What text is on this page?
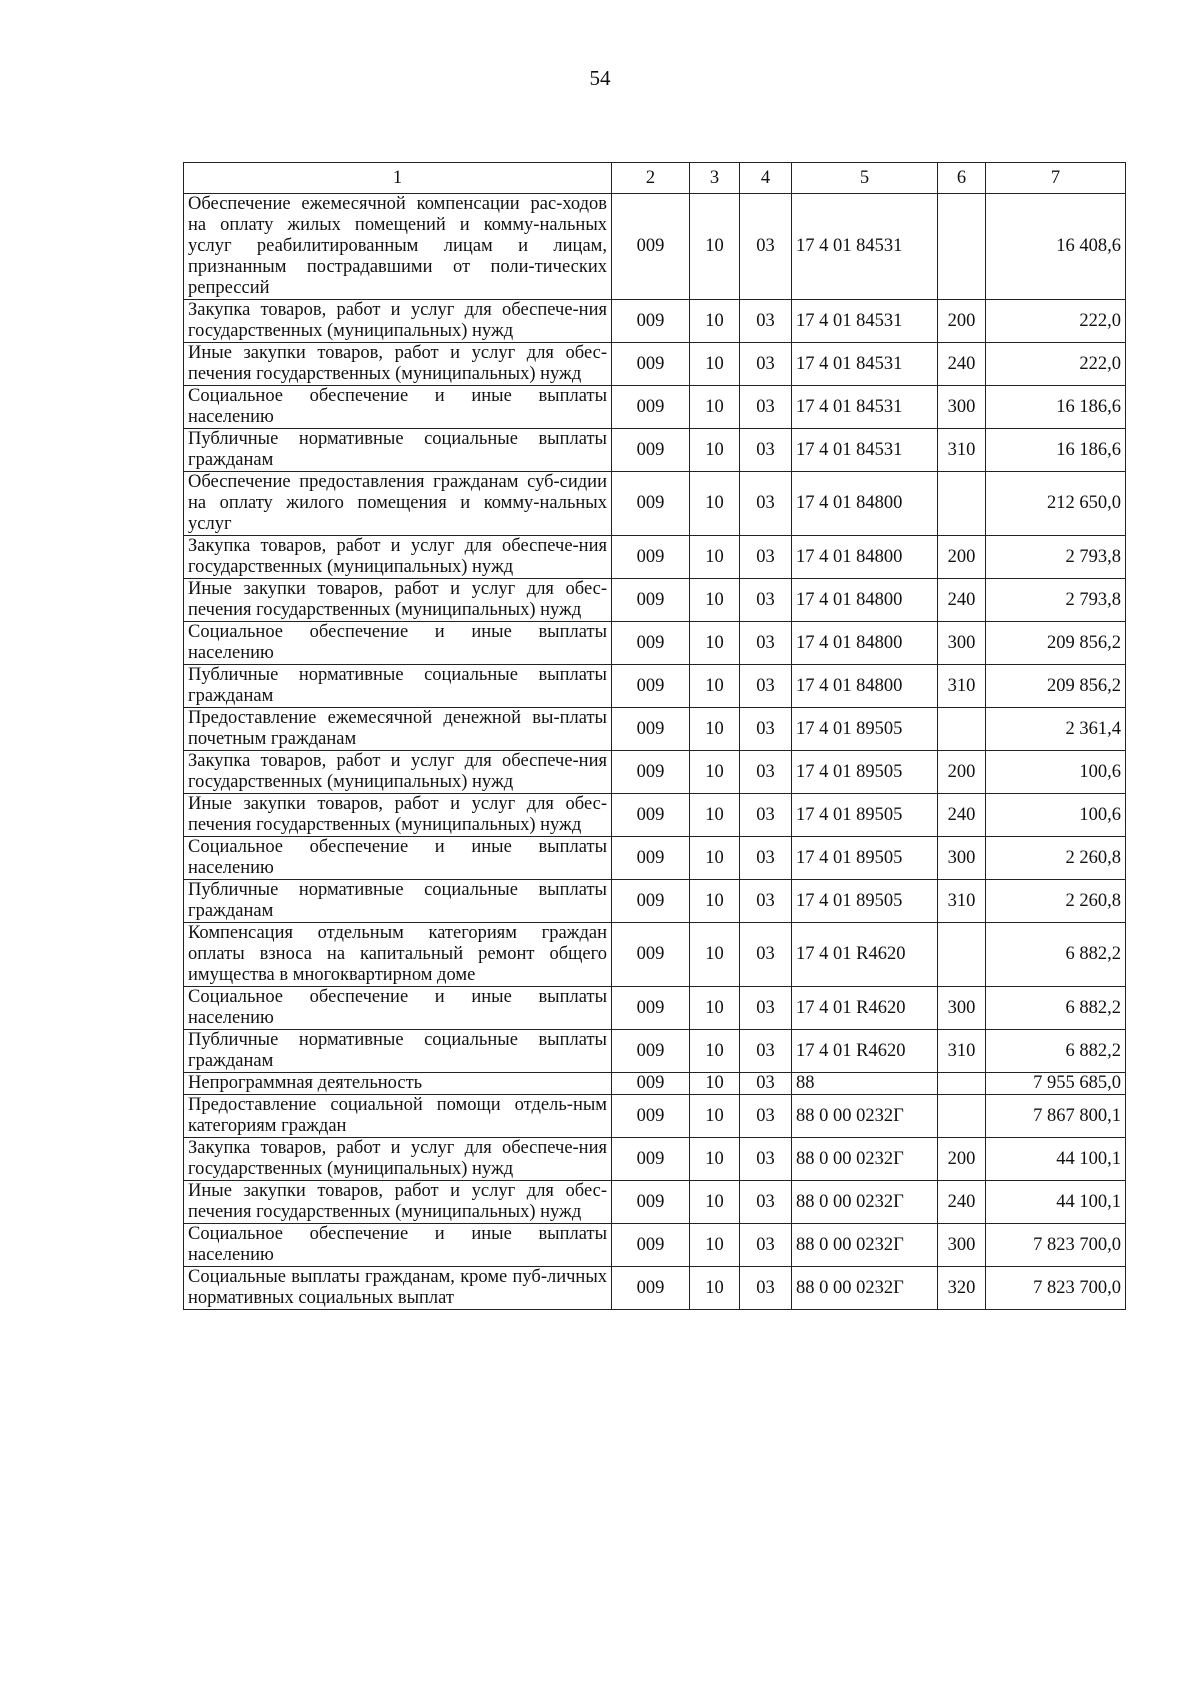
54
1	2	3	4	5	6	7
Обеспечение ежемесячной компенсации рас-ходов на оплату жилых помещений и комму-нальных услуг реабилитированным лицам и лицам, признанным пострадавшими от поли-тических репрессий	009	10	03	17 4 01 84531		16 408,6
Закупка товаров, работ и услуг для обеспече-ния государственных (муниципальных) нужд	009	10	03	17 4 01 84531	200	222,0
Иные закупки товаров, работ и услуг для обес-печения государственных (муниципальных) нужд	009	10	03	17 4 01 84531	240	222,0
Социальное обеспечение и иные выплаты населению	009	10	03	17 4 01 84531	300	16 186,6
Публичные нормативные социальные выплаты гражданам	009	10	03	17 4 01 84531	310	16 186,6
Обеспечение предоставления гражданам суб-сидии на оплату жилого помещения и комму-нальных услуг	009	10	03	17 4 01 84800		212 650,0
Закупка товаров, работ и услуг для обеспече-ния государственных (муниципальных) нужд	009	10	03	17 4 01 84800	200	2 793,8
Иные закупки товаров, работ и услуг для обес-печения государственных (муниципальных) нужд	009	10	03	17 4 01 84800	240	2 793,8
Социальное обеспечение и иные выплаты населению	009	10	03	17 4 01 84800	300	209 856,2
Публичные нормативные социальные выплаты гражданам	009	10	03	17 4 01 84800	310	209 856,2
Предоставление ежемесячной денежной вы-платы почетным гражданам	009	10	03	17 4 01 89505		2 361,4
Закупка товаров, работ и услуг для обеспече-ния государственных (муниципальных) нужд	009	10	03	17 4 01 89505	200	100,6
Иные закупки товаров, работ и услуг для обес-печения государственных (муниципальных) нужд	009	10	03	17 4 01 89505	240	100,6
Социальное обеспечение и иные выплаты населению	009	10	03	17 4 01 89505	300	2 260,8
Публичные нормативные социальные выплаты гражданам	009	10	03	17 4 01 89505	310	2 260,8
Компенсация отдельным категориям граждан оплаты взноса на капитальный ремонт общего имущества в многоквартирном доме	009	10	03	17 4 01 R4620		6 882,2
Социальное обеспечение и иные выплаты населению	009	10	03	17 4 01 R4620	300	6 882,2
Публичные нормативные социальные выплаты гражданам	009	10	03	17 4 01 R4620	310	6 882,2
Непрограммная деятельность	009	10	03	88		7 955 685,0
Предоставление социальной помощи отдель-ным категориям граждан	009	10	03	88 0 00 0232Г		7 867 800,1
Закупка товаров, работ и услуг для обеспече-ния государственных (муниципальных) нужд	009	10	03	88 0 00 0232Г	200	44 100,1
Иные закупки товаров, работ и услуг для обес-печения государственных (муниципальных) нужд	009	10	03	88 0 00 0232Г	240	44 100,1
Социальное обеспечение и иные выплаты населению	009	10	03	88 0 00 0232Г	300	7 823 700,0
Социальные выплаты гражданам, кроме пуб-личных нормативных социальных выплат	009	10	03	88 0 00 0232Г	320	7 823 700,0
